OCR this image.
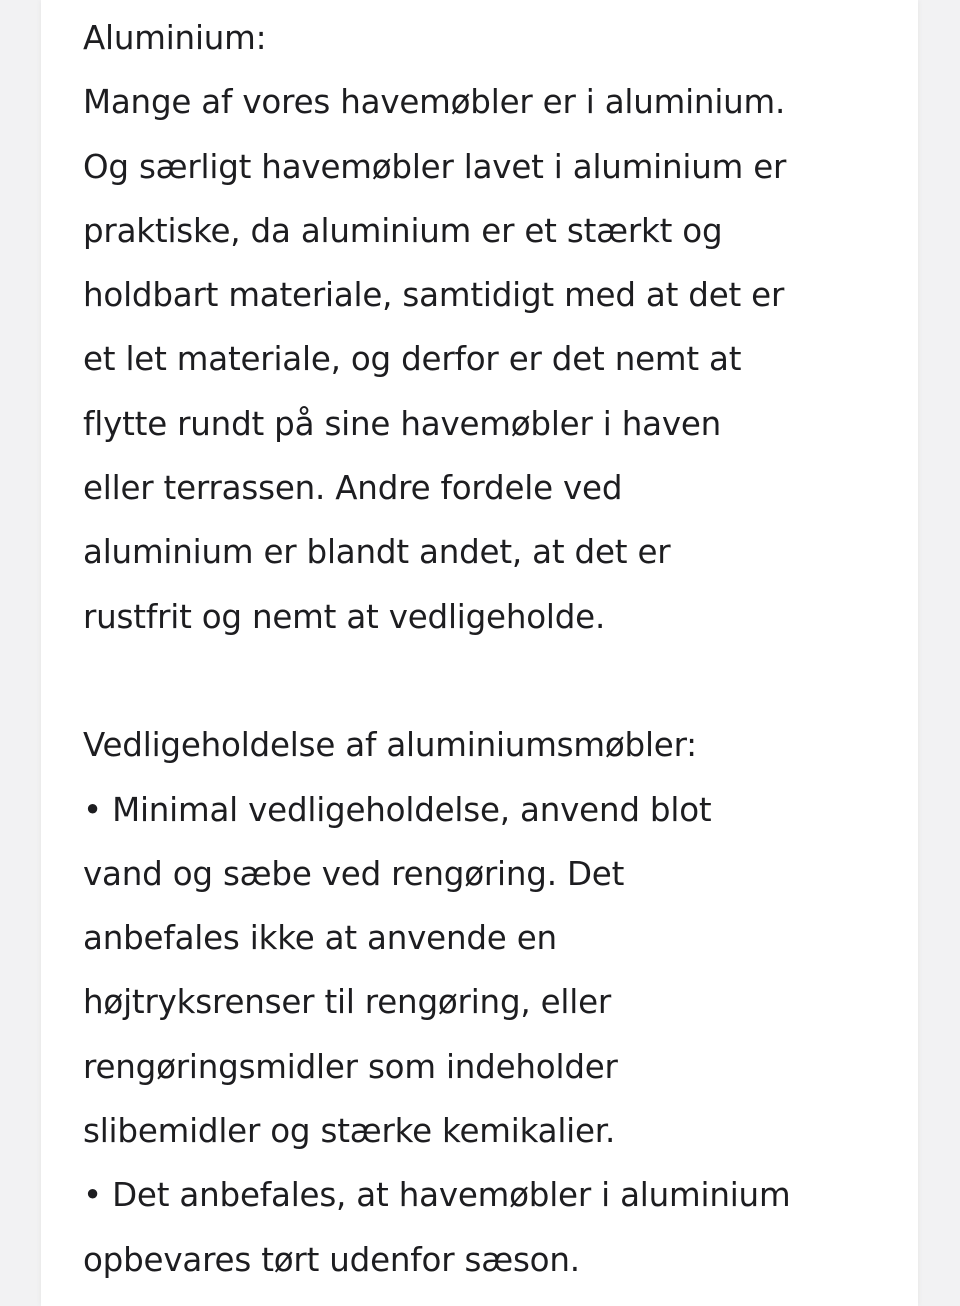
Aluminium:
Mange af vores havemøbler er i aluminium.
Og særligt havemøbler lavet i aluminium er
praktiske, da aluminium er et stærkt og
holdbart materiale, samtidigt med at det er
et let materiale, og derfor er det nemt at
flytte rundt på sine havemøbler i haven
eller terrassen. Andre fordele ved
aluminium er blandt andet, at det er
rustfrit og nemt at vedligeholde.
Vedligeholdelse af aluminiumsmøbler:
• Minimal vedligeholdelse, anvend blot
vand og sæbe ved rengøring. Det
anbefales ikke at anvende en
højtryksrenser til rengøring, eller
rengøringsmidler som indeholder
slibemidler og stærke kemikalier.
• Det anbefales, at havemøbler i aluminium
opbevares tørt udenfor sæson.
